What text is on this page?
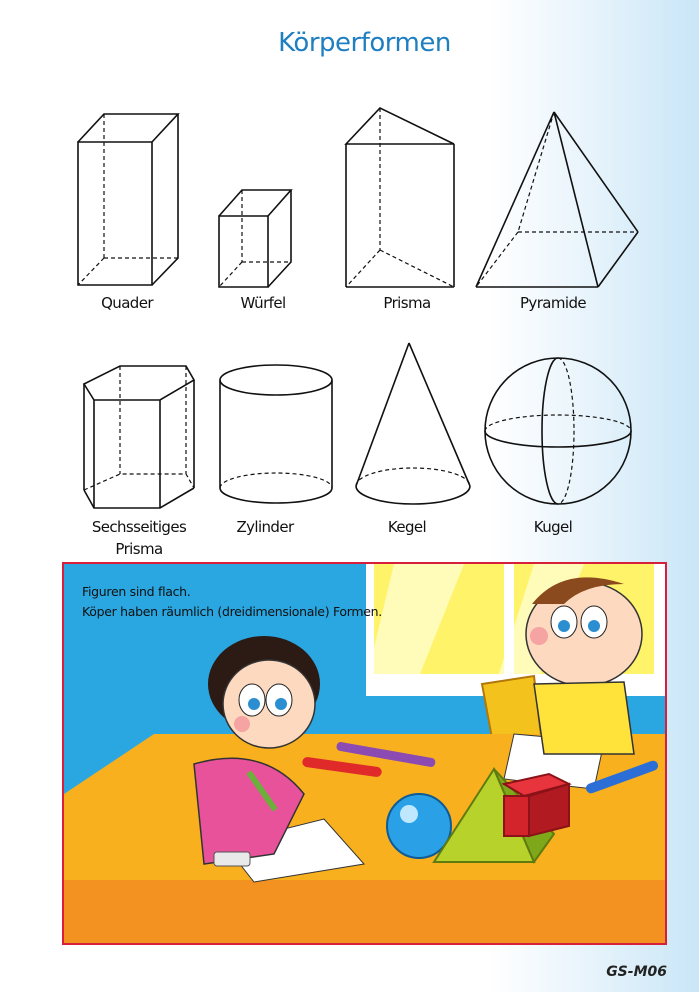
Körperformen
Quader	Würfel	Prisma	Pyramide
Sechsseitiges
Prisma
Zylinder	Kegel	Kugel
Figuren sind flach.
Köper haben räumlich (dreidimensionale) Formen.
GS-M06
